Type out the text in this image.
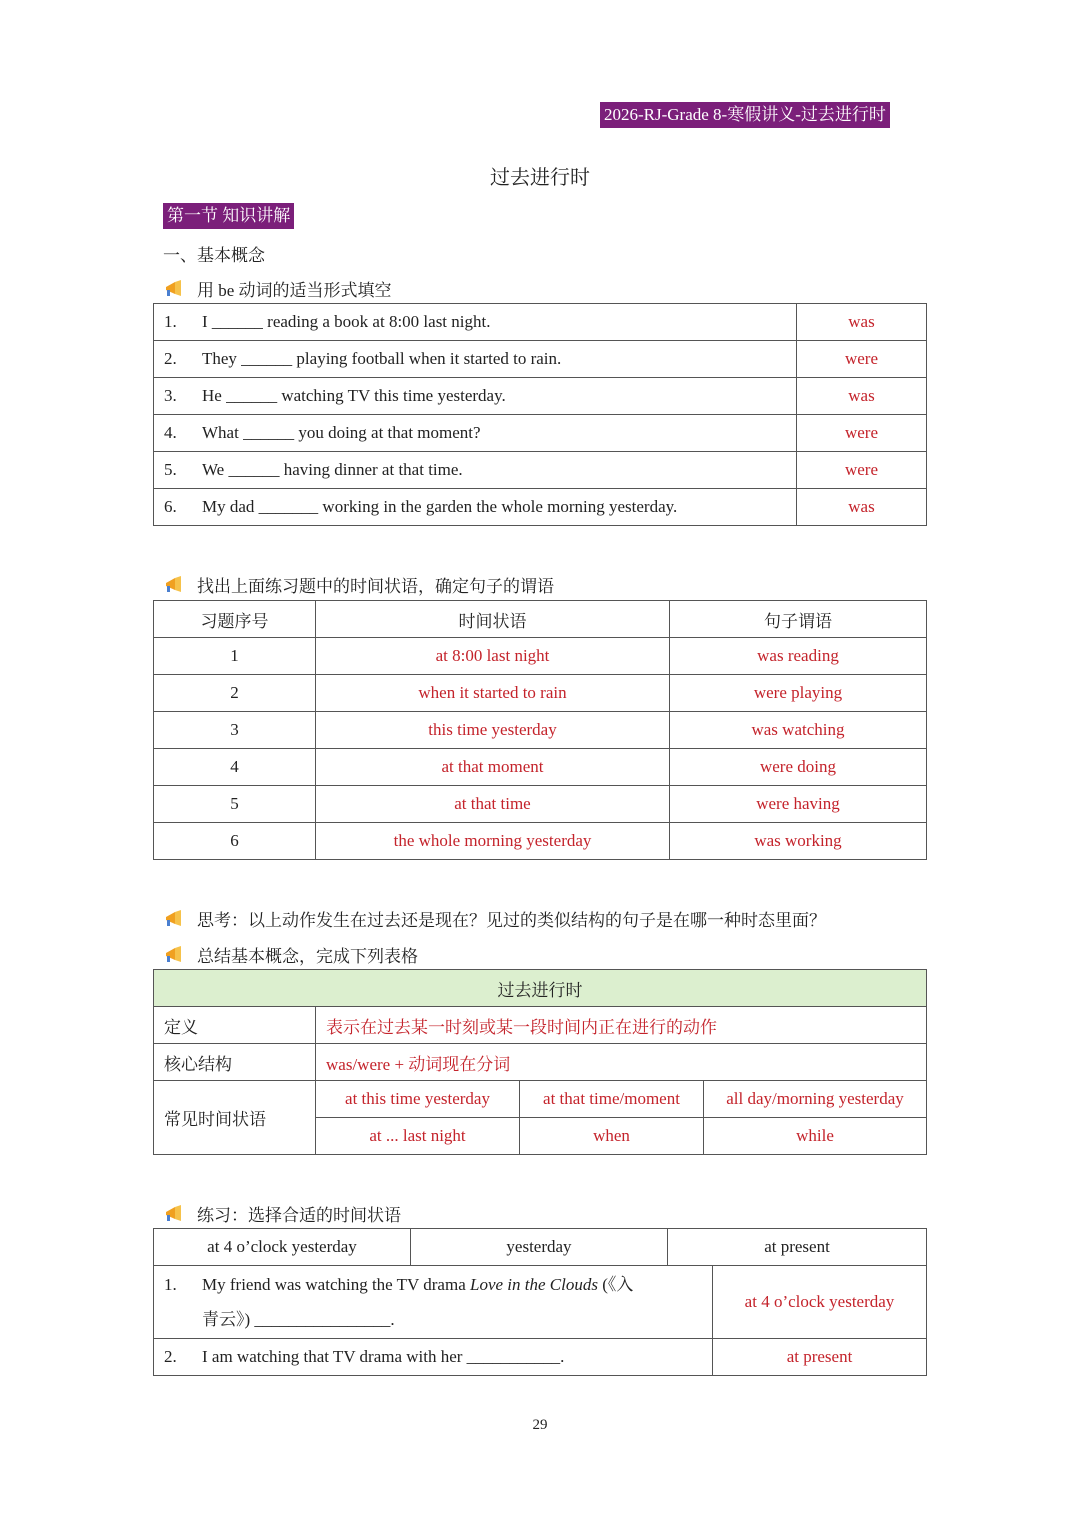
2026-RJ-Grade 8-寒假讲义-过去进行时
过去进行时
第一节 知识讲解
一、基本概念
用 be 动词的适当形式填空
1. I ______ reading a book at 8:00 last night.	was
2. They ______ playing football when it started to rain.	were
3. He ______ watching TV this time yesterday.	was
4. What ______ you doing at that moment?	were
5. We ______ having dinner at that time.	were
6. My dad _______ working in the garden the whole morning yesterday.	was
找出上面练习题中的时间状语，确定句子的谓语
习题序号	时间状语	句子谓语
1	at 8:00 last night	was reading
2	when it started to rain	were playing
3	this time yesterday	was watching
4	at that moment	were doing
5	at that time	were having
6	the whole morning yesterday	was working
思考：以上动作发生在过去还是现在？见过的类似结构的句子是在哪一种时态里面？
总结基本概念，完成下列表格
过去进行时			
定义	表示在过去某一时刻或某一段时间内正在进行的动作		
核心结构	was/were + 动词现在分词		
常见时间状语	at this time yesterday	at that time/moment	all day/morning yesterday
	at ... last night	when	while
练习：选择合适的时间状语
at 4 o’clock yesterday	yesterday	at present
1. My friend was watching the TV drama Love in the Clouds (《入
青云》) ________________.	at 4 o’clock yesterday
2. I am watching that TV drama with her ___________.	at present
29
